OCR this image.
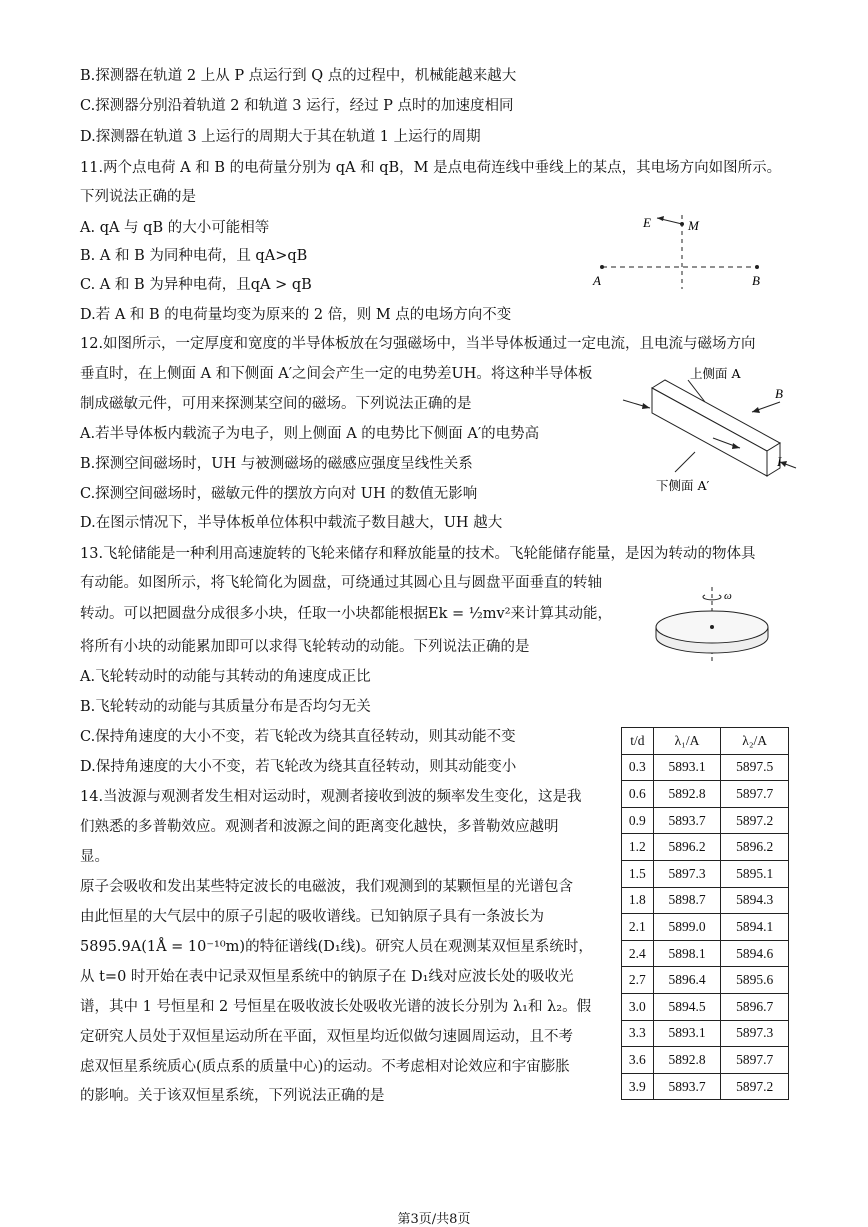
B.探测器在轨道 2 上从 P 点运行到 Q 点的过程中，机械能越来越大
C.探测器分别沿着轨道 2 和轨道 3 运行，经过 P 点时的加速度相同
D.探测器在轨道 3 上运行的周期大于其在轨道 1 上运行的周期
11.两个点电荷 A 和 B 的电荷量分别为 qA 和 qB，M 是点电荷连线中垂线上的某点，其电场方向如图所示。
下列说法正确的是
A. qA 与 qB 的大小可能相等
B. A 和 B 为同种电荷，且 qA>qB
C. A 和 B 为异种电荷，且qA > qB
D.若 A 和 B 的电荷量均变为原来的 2 倍，则 M 点的电场方向不变
E	M
A	B
12.如图所示，一定厚度和宽度的半导体板放在匀强磁场中，当半导体板通过一定电流，且电流与磁场方向
垂直时，在上侧面 A 和下侧面 A′之间会产生一定的电势差UH。将这种半导体板
制成磁敏元件，可用来探测某空间的磁场。下列说法正确的是
A.若半导体板内载流子为电子，则上侧面 A 的电势比下侧面 A′的电势高
B.探测空间磁场时，UH 与被测磁场的磁感应强度呈线性关系
C.探测空间磁场时，磁敏元件的摆放方向对 UH 的数值无影响
D.在图示情况下，半导体板单位体积中载流子数目越大，UH 越大
上侧面 A
B
I
下侧面 A′
13.飞轮储能是一种利用高速旋转的飞轮来储存和释放能量的技术。飞轮能储存能量，是因为转动的物体具
有动能。如图所示，将飞轮简化为圆盘，可绕通过其圆心且与圆盘平面垂直的转轴
转动。可以把圆盘分成很多小块，任取一小块都能根据Ek = ½mv²来计算其动能，
将所有小块的动能累加即可以求得飞轮转动的动能。下列说法正确的是
A.飞轮转动时的动能与其转动的角速度成正比
B.飞轮转动的动能与其质量分布是否均匀无关
C.保持角速度的大小不变，若飞轮改为绕其直径转动，则其动能不变
D.保持角速度的大小不变，若飞轮改为绕其直径转动，则其动能变小
ω
14.当波源与观测者发生相对运动时，观测者接收到波的频率发生变化，这是我
们熟悉的多普勒效应。观测者和波源之间的距离变化越快，多普勒效应越明
显。
原子会吸收和发出某些特定波长的电磁波，我们观测到的某颗恒星的光谱包含
由此恒星的大气层中的原子引起的吸收谱线。已知钠原子具有一条波长为
5895.9A(1Å = 10⁻¹⁰m)的特征谱线(D₁线)。研究人员在观测某双恒星系统时，
从 t=0 时开始在表中记录双恒星系统中的钠原子在 D₁线对应波长处的吸收光
谱，其中 1 号恒星和 2 号恒星在吸收波长处吸收光谱的波长分别为 λ₁和 λ₂。假
定研究人员处于双恒星运动所在平面，双恒星均近似做匀速圆周运动，且不考
虑双恒星系统质心(质点系的质量中心)的运动。不考虑相对论效应和宇宙膨胀
的影响。关于该双恒星系统，下列说法正确的是
t/d	λ₁/A	λ₂/A
0.3	5893.1	5897.5
0.6	5892.8	5897.7
0.9	5893.7	5897.2
1.2	5896.2	5896.2
1.5	5897.3	5895.1
1.8	5898.7	5894.3
2.1	5899.0	5894.1
2.4	5898.1	5894.6
2.7	5896.4	5895.6
3.0	5894.5	5896.7
3.3	5893.1	5897.3
3.6	5892.8	5897.7
3.9	5893.7	5897.2
第3页/共8页
